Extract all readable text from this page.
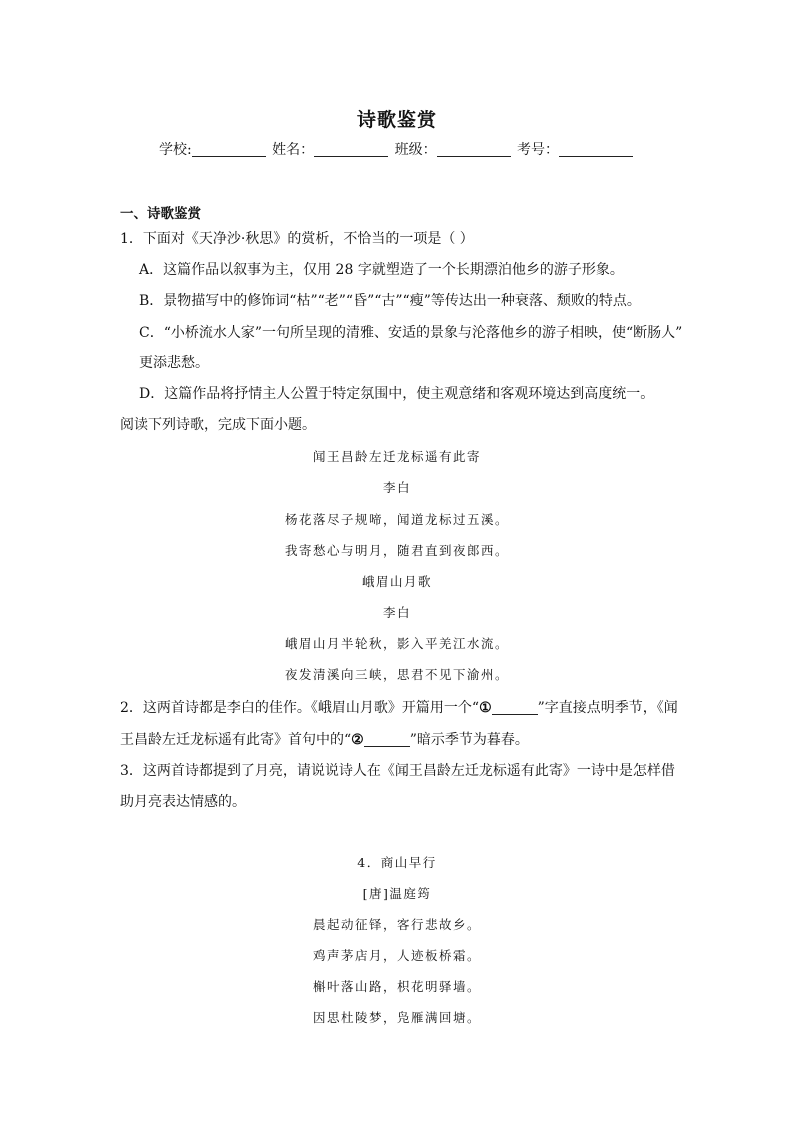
诗歌鉴赏
学校:	姓名：	班级：	考号：
一、诗歌鉴赏
1．下面对《天净沙·秋思》的赏析，不恰当的一项是（ ）
A．这篇作品以叙事为主，仅用 28 字就塑造了一个长期漂泊他乡的游子形象。
B．景物描写中的修饰词“枯”“老”“昏”“古”“瘦”等传达出一种衰落、颓败的特点。
C．“小桥流水人家”一句所呈现的清雅、安适的景象与沦落他乡的游子相映，使“断肠人”
更添悲愁。
D．这篇作品将抒情主人公置于特定氛围中，使主观意绪和客观环境达到高度统一。
阅读下列诗歌，完成下面小题。
闻王昌龄左迁龙标遥有此寄
李白
杨花落尽子规啼，闻道龙标过五溪。
我寄愁心与明月，随君直到夜郎西。
峨眉山月歌
李白
峨眉山月半轮秋，影入平羌江水流。
夜发清溪向三峡，思君不见下渝州。
2．这两首诗都是李白的佳作。《峨眉山月歌》开篇用一个“①	”字直接点明季节，《闻
王昌龄左迁龙标遥有此寄》首句中的“②	”暗示季节为暮春。
3．这两首诗都提到了月亮，请说说诗人在《闻王昌龄左迁龙标遥有此寄》一诗中是怎样借
助月亮表达情感的。
4．商山早行
[唐]温庭筠
晨起动征铎，客行悲故乡。
鸡声茅店月，人迹板桥霜。
槲叶落山路，枳花明驿墙。
因思杜陵梦，凫雁满回塘。
